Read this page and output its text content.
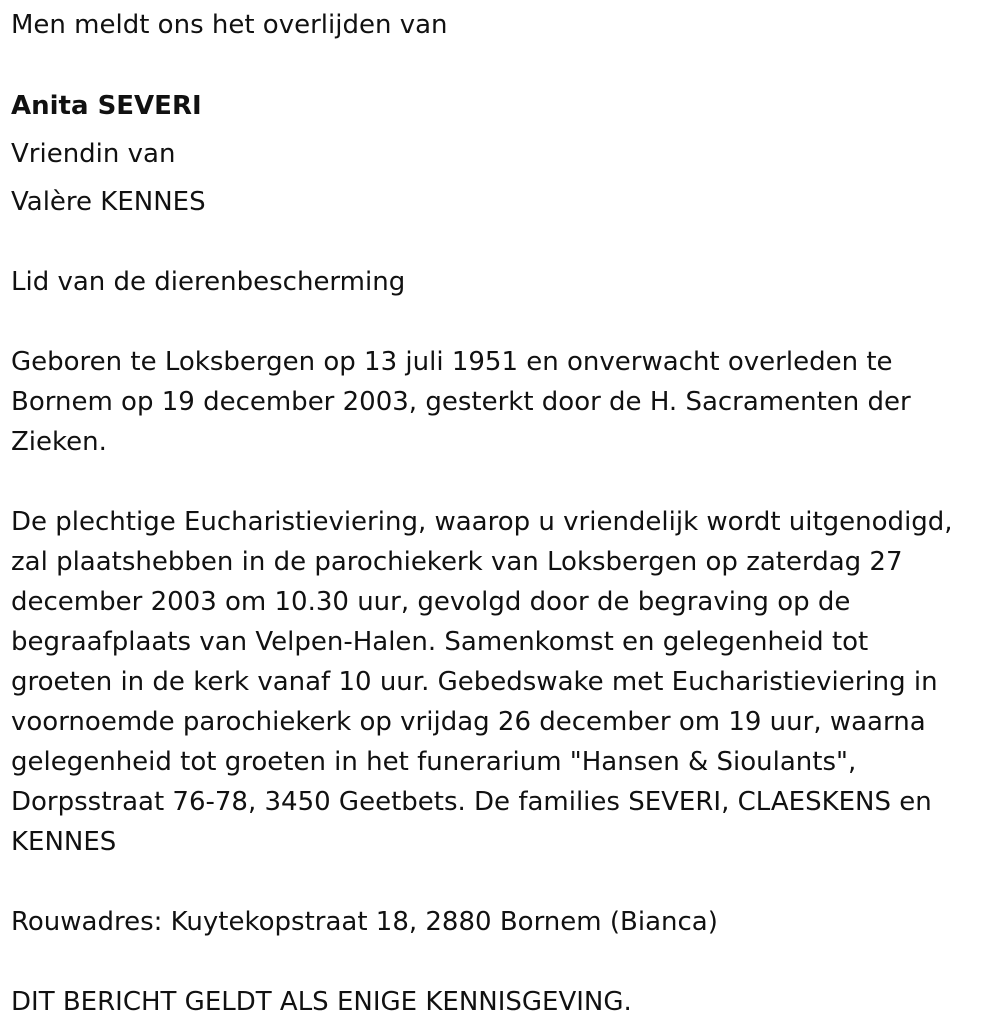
Men meldt ons het overlijden van

Anita SEVERI

Vriendin van

Valère KENNES

Lid van de dierenbescherming

Geboren te Loksbergen op 13 juli 1951 en onverwacht overleden te
Bornem op 19 december 2003, gesterkt door de H. Sacramenten der
Zieken.
De plechtige Eucharistieviering, waarop u vriendelijk wordt uitgenodigd,
zal plaatshebben in de parochiekerk van Loksbergen op zaterdag 27
december 2003 om 10.30 uur, gevolgd door de begraving op de
begraafplaats van Velpen-Halen. Samenkomst en gelegenheid tot
groeten in de kerk vanaf 10 uur. Gebedswake met Eucharistieviering in
voornoemde parochiekerk op vrijdag 26 december om 19 uur, waarna
gelegenheid tot groeten in het funerarium "Hansen & Sioulants",
Dorpsstraat 76-78, 3450 Geetbets. De families SEVERI, CLAESKENS en
KENNES

Rouwadres: Kuytekopstraat 18, 2880 Bornem (Bianca)

DIT BERICHT GELDT ALS ENIGE KENNISGEVING.
